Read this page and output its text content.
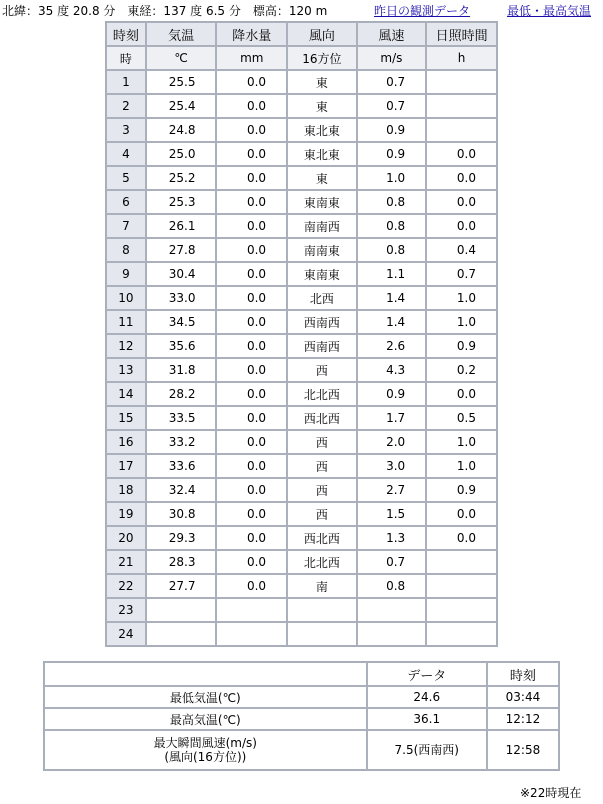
北緯：35 度 20.8 分　東経：137 度 6.5 分　標高：120 m	昨日の観測データ	最低・最高気温
時刻	気温	降水量	風向	風速	日照時間
時	℃	mm	16方位	m/s	h
1	25.5	0.0	東	0.7	
2	25.4	0.0	東	0.7	
3	24.8	0.0	東北東	0.9	
4	25.0	0.0	東北東	0.9	0.0
5	25.2	0.0	東	1.0	0.0
6	25.3	0.0	東南東	0.8	0.0
7	26.1	0.0	南南西	0.8	0.0
8	27.8	0.0	南南東	0.8	0.4
9	30.4	0.0	東南東	1.1	0.7
10	33.0	0.0	北西	1.4	1.0
11	34.5	0.0	西南西	1.4	1.0
12	35.6	0.0	西南西	2.6	0.9
13	31.8	0.0	西	4.3	0.2
14	28.2	0.0	北北西	0.9	0.0
15	33.5	0.0	西北西	1.7	0.5
16	33.2	0.0	西	2.0	1.0
17	33.6	0.0	西	3.0	1.0
18	32.4	0.0	西	2.7	0.9
19	30.8	0.0	西	1.5	0.0
20	29.3	0.0	西北西	1.3	0.0
21	28.3	0.0	北北西	0.7	
22	27.7	0.0	南	0.8	
23					
24					
	データ	時刻
最低気温(℃)	24.6	03:44
最高気温(℃)	36.1	12:12

最大瞬間風速(m/s)
(風向(16方位))	7.5(西南西)	12:58
※22時現在
